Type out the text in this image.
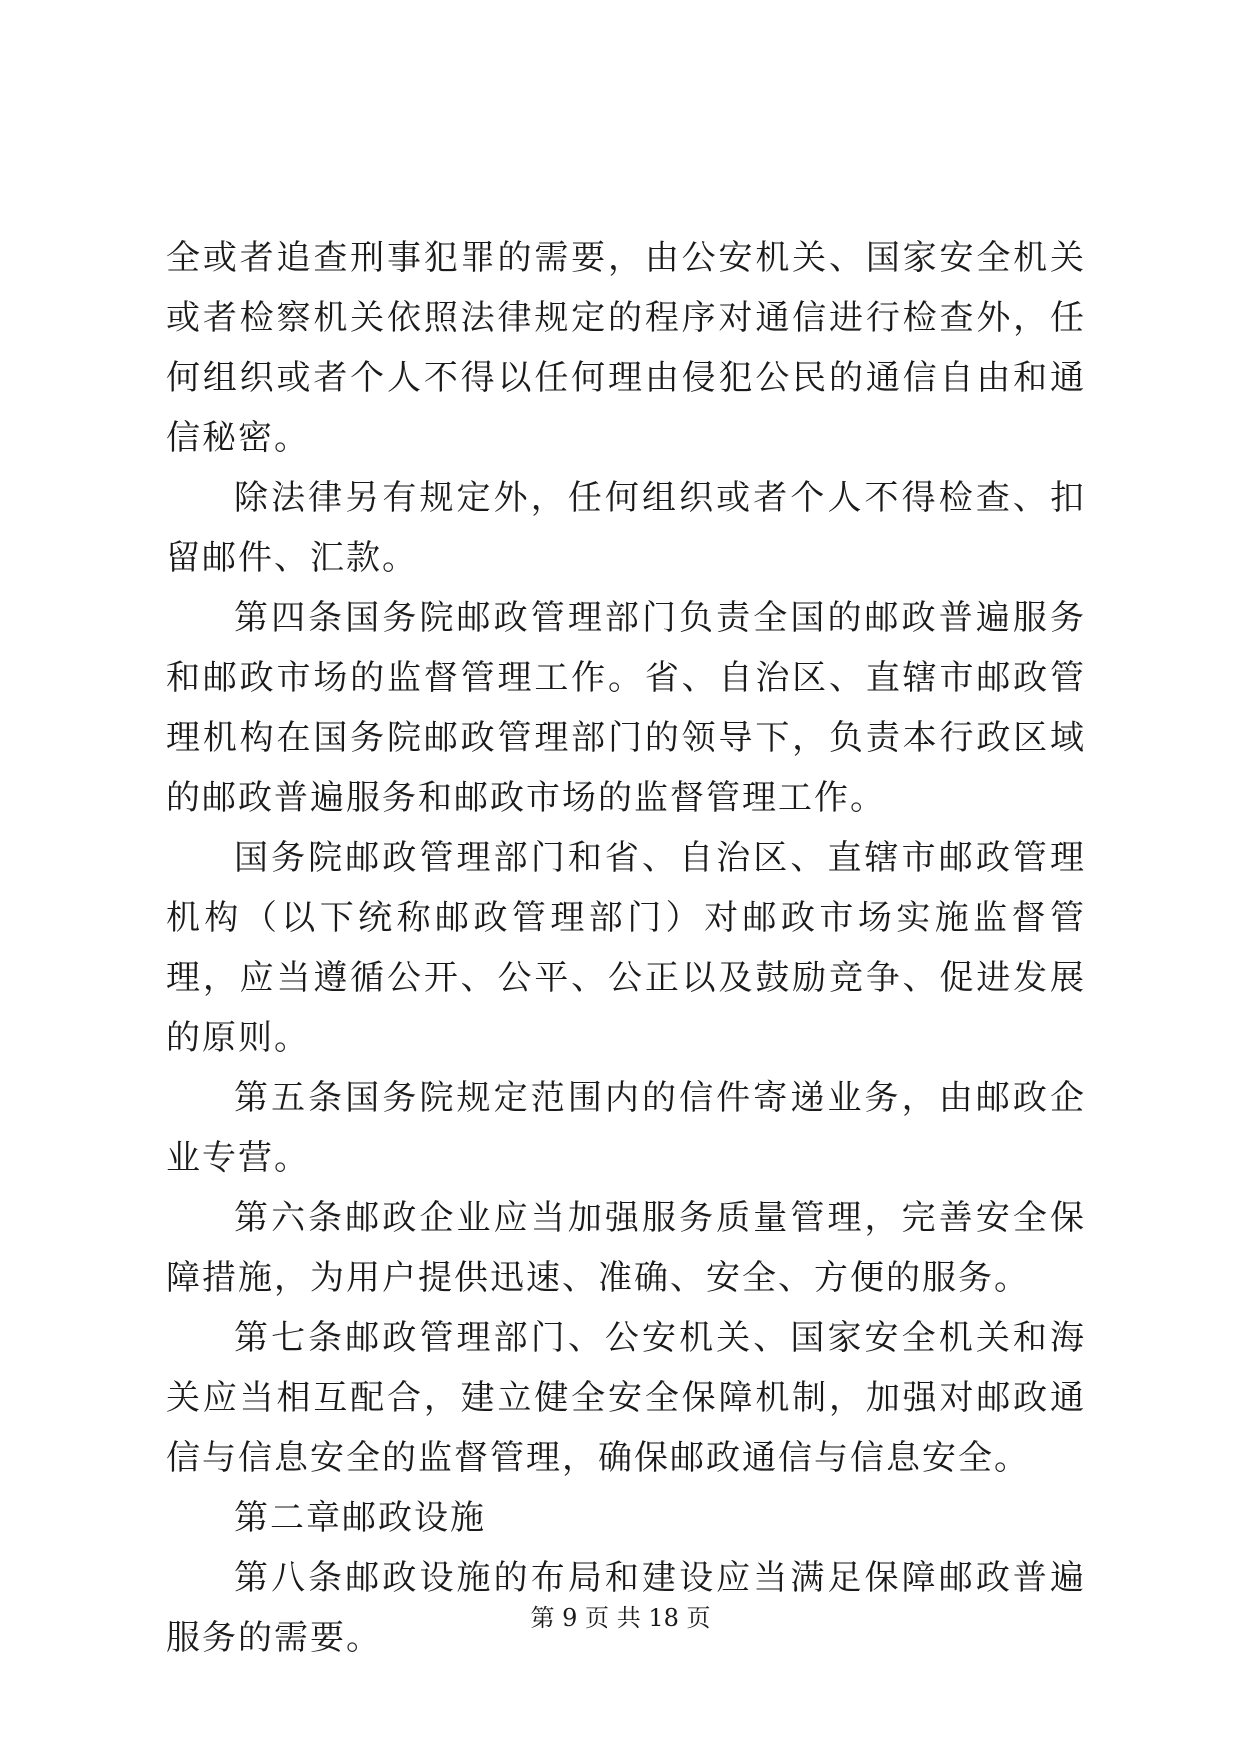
全或者追查刑事犯罪的需要，由公安机关、国家安全机关或者检察机关依照法律规定的程序对通信进行检查外，任何组织或者个人不得以任何理由侵犯公民的通信自由和通信秘密。

除法律另有规定外，任何组织或者个人不得检查、扣留邮件、汇款。

第四条国务院邮政管理部门负责全国的邮政普遍服务和邮政市场的监督管理工作。省、自治区、直辖市邮政管理机构在国务院邮政管理部门的领导下，负责本行政区域的邮政普遍服务和邮政市场的监督管理工作。

国务院邮政管理部门和省、自治区、直辖市邮政管理机构（以下统称邮政管理部门）对邮政市场实施监督管理，应当遵循公开、公平、公正以及鼓励竞争、促进发展的原则。

第五条国务院规定范围内的信件寄递业务，由邮政企业专营。

第六条邮政企业应当加强服务质量管理，完善安全保障措施，为用户提供迅速、准确、安全、方便的服务。

第七条邮政管理部门、公安机关、国家安全机关和海关应当相互配合，建立健全安全保障机制，加强对邮政通信与信息安全的监督管理，确保邮政通信与信息安全。

第二章邮政设施

第八条邮政设施的布局和建设应当满足保障邮政普遍服务的需要。	第 9 页 共 18 页
